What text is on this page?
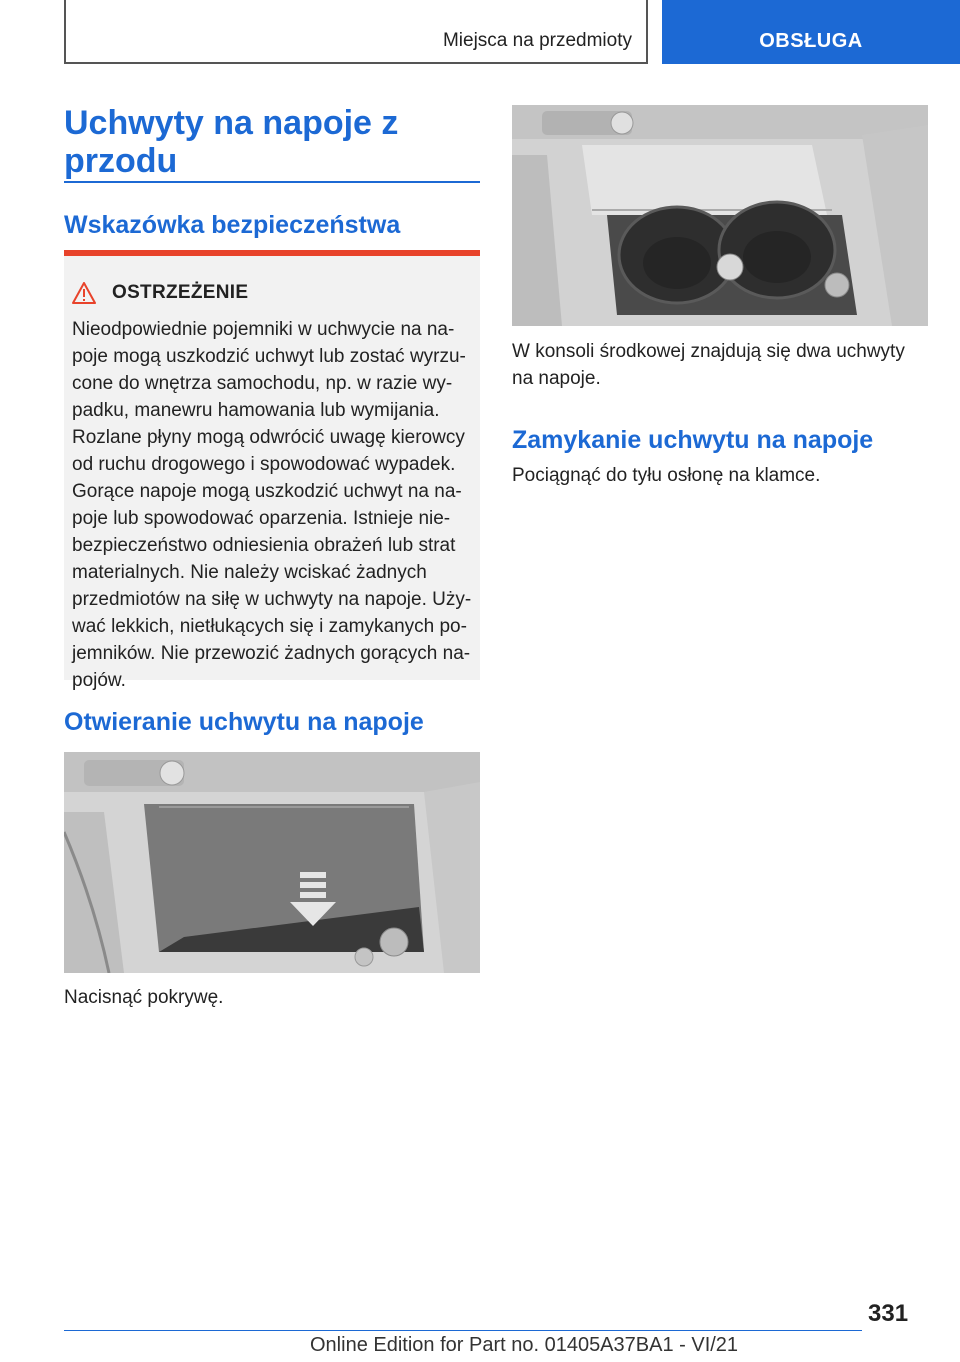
Miejsca na przedmioty	OBSŁUGA
Uchwyty na napoje z przodu
Wskazówka bezpieczeństwa
OSTRZEŻENIE

Nieodpowiednie pojemniki w uchwycie na na- poje mogą uszkodzić uchwyt lub zostać wyrzu- cone do wnętrza samochodu, np. w razie wy- padku, manewru hamowania lub wymijania. Rozlane płyny mogą odwrócić uwagę kierowcy od ruchu drogowego i spowodować wypadek. Gorące napoje mogą uszkodzić uchwyt na na- poje lub spowodować oparzenia. Istnieje nie- bezpieczeństwo odniesienia obrażeń lub strat materialnych. Nie należy wciskać żadnych przedmiotów na siłę w uchwyty na napoje. Uży- wać lekkich, nietłukących się i zamykanych po- jemników. Nie przewozić żadnych gorących na- pojów.

Otwieranie uchwytu na napoje

Nacisnąć pokrywę.

W konsoli środkowej znajdują się dwa uchwyty na napoje.

Zamykanie uchwytu na napoje

Pociągnąć do tyłu osłonę na klamce.

331
Online Edition for Part no. 01405A37BA1 - VI/21
